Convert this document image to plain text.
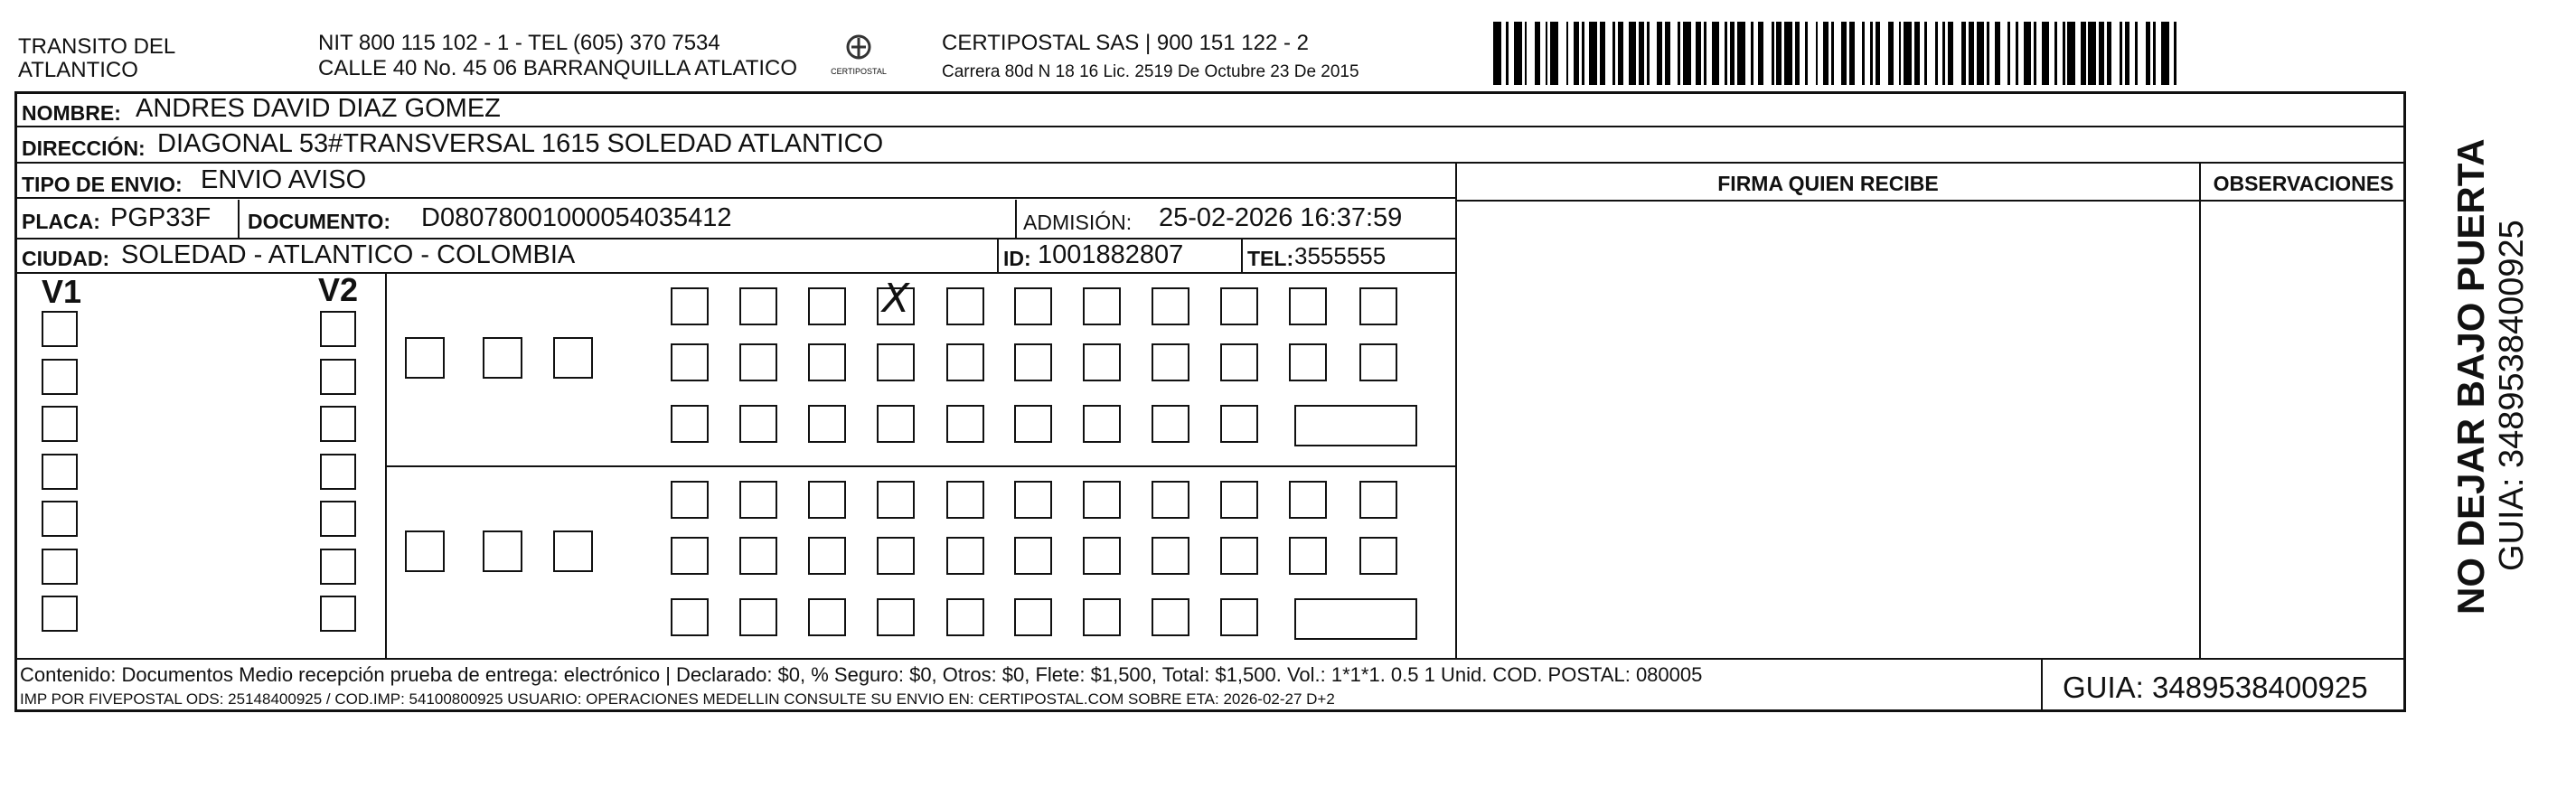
TRANSITO DEL
ATLANTICO
NIT 800 115 102 - 1 - TEL (605) 370 7534
CALLE 40 No. 45 06 BARRANQUILLA ATLATICO	CERTIPOSTAL
CERTIPOSTAL SAS | 900 151 122 - 2
Carrera 80d N 18 16 Lic. 2519 De Octubre 23 De 2015
NOMBRE: ANDRES DAVID DIAZ GOMEZ
DIRECCIÓN: DIAGONAL 53#TRANSVERSAL 1615 SOLEDAD ATLANTICO
TIPO DE ENVIO: ENVIO AVISO
PLACA: PGP33F DOCUMENTO: D08078001000054035412	ADMISIÓN: 25-02-2026 16:37:59
CIUDAD: SOLEDAD - ATLANTICO - COLOMBIA	ID: 1001882807	TEL: 3555555
FIRMA QUIEN RECIBE	OBSERVACIONES
V1	V2
Contenido: Documentos Medio recepción prueba de entrega: electrónico | Declarado: $0, % Seguro: $0, Otros: $0, Flete: $1,500, Total: $1,500. Vol.: 1*1*1. 0.5 1 Unid. COD. POSTAL: 080005
IMP POR FIVEPOSTAL ODS: 25148400925 / COD.IMP: 54100800925 USUARIO: OPERACIONES MEDELLIN CONSULTE SU ENVIO EN: CERTIPOSTAL.COM SOBRE ETA: 2026-02-27 D+2	GUIA: 3489538400925
NO DEJAR BAJO PUERTA GUIA: 3489538400925
X
